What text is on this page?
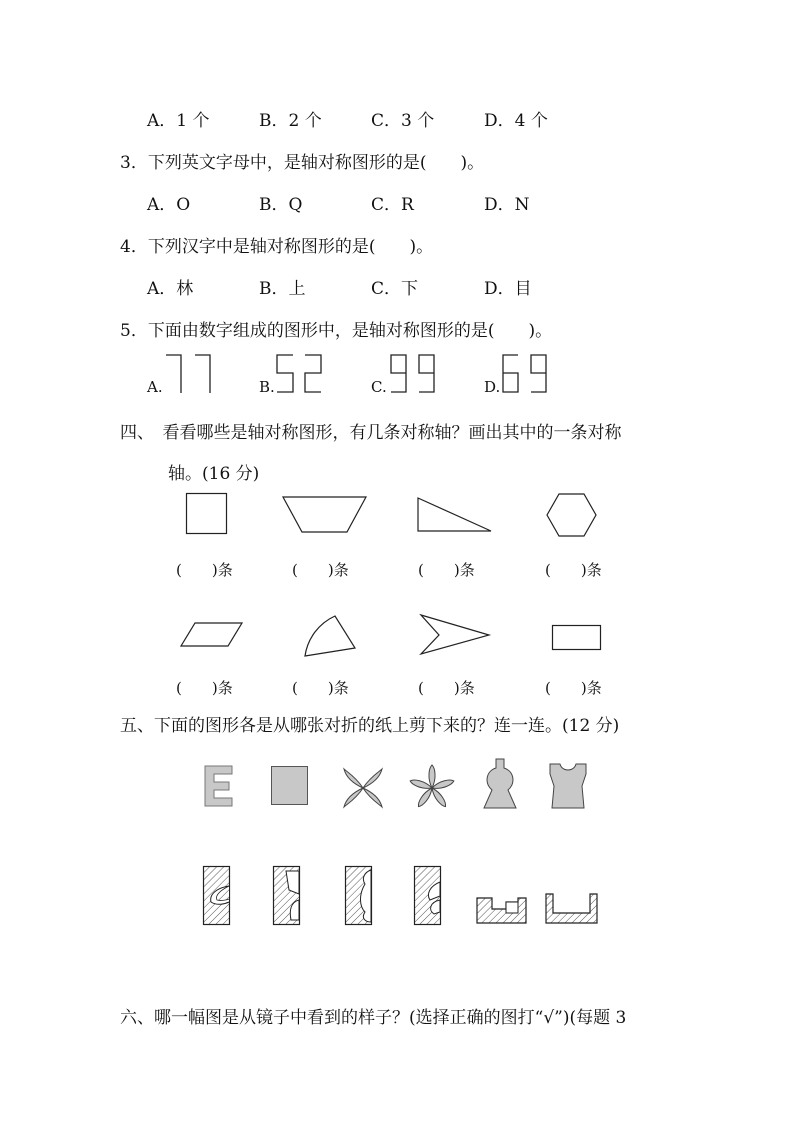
A．1 个	B．2 个	C．3 个	D．4 个
3．下列英文字母中，是轴对称图形的是(　　)。
A．O	B．Q	C．R	D．N
4．下列汉字中是轴对称图形的是(　　)。
A．林	B．上	C．下	D．目
5．下面由数字组成的图形中，是轴对称图形的是(　　)。
A.	B.	C.	D.
四、　看看哪些是轴对称图形，有几条对称轴？画出其中的一条对称
轴。(16 分)
(　　)条	(　　)条	(　　)条	(　　)条
(　　)条	(　　)条	(　　)条	(　　)条
五、下面的图形各是从哪张对折的纸上剪下来的？连一连。(12 分)
六、哪一幅图是从镜子中看到的样子？(选择正确的图打“√”)(每题 3
